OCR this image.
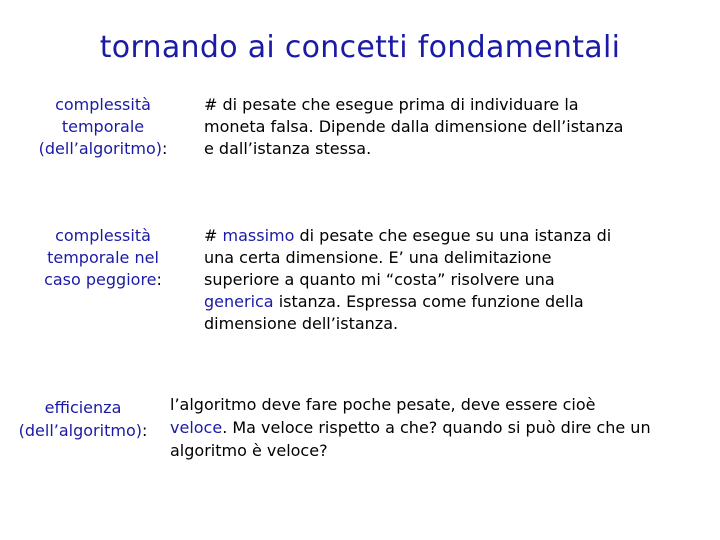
tornando ai concetti fondamentali
complessità
temporale
(dell’algoritmo):
# di pesate che esegue prima di individuare la
moneta falsa. Dipende dalla dimensione dell’istanza
e dall’istanza stessa.
complessità
temporale nel
caso peggiore:
# massimo di pesate che esegue su una istanza di
una certa dimensione. E’ una delimitazione
superiore a quanto mi “costa” risolvere una
generica istanza. Espressa come funzione della
dimensione dell’istanza.
efficienza
(dell’algoritmo):
l’algoritmo deve fare poche pesate, deve essere cioè
veloce. Ma veloce rispetto a che? quando si può dire che un
algoritmo è veloce?
